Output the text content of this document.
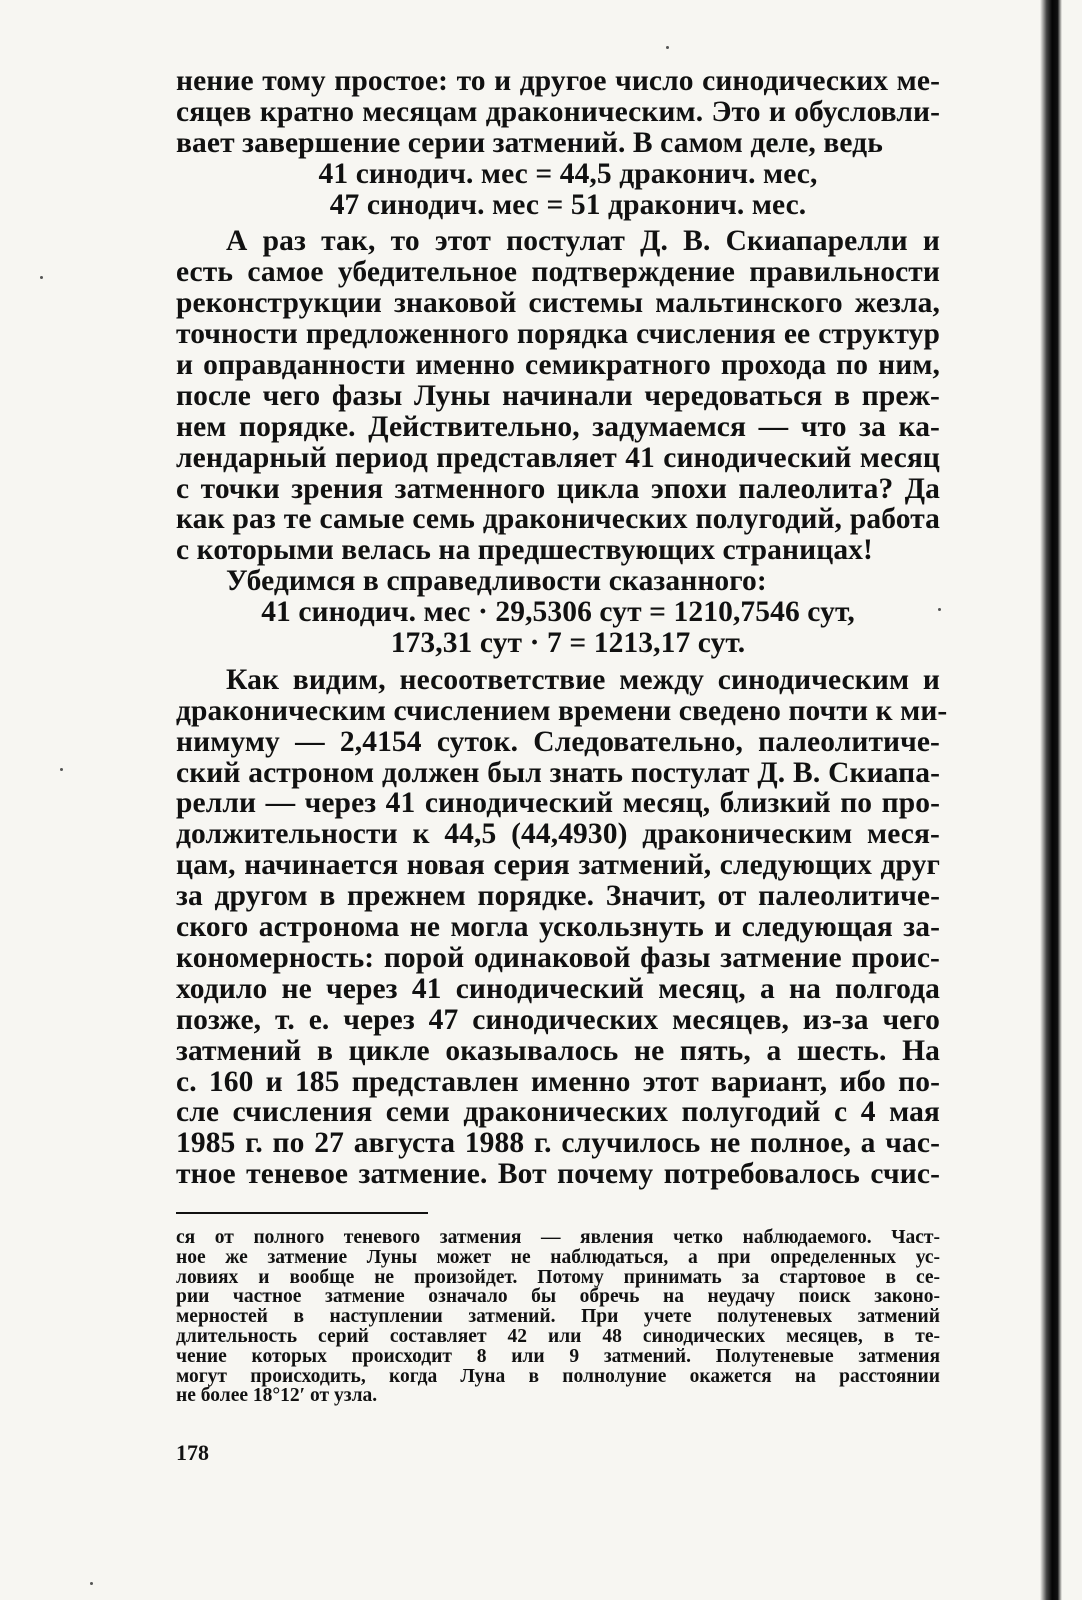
нение тому простое: то и другое число синодических ме-
сяцев кратно месяцам драконическим. Это и обусловли-
вает завершение серии затмений. В самом деле, ведь
41 синодич. мес = 44,5 драконич. мес,
47 синодич. мес = 51 драконич. мес.
А раз так, то этот постулат Д. В. Скиапарелли и
есть самое убедительное подтверждение правильности
реконструкции знаковой системы мальтинского жезла,
точности предложенного порядка счисления ее структур
и оправданности именно семикратного прохода по ним,
после чего фазы Луны начинали чередоваться в преж-
нем порядке. Действительно, задумаемся — что за ка-
лендарный период представляет 41 синодический месяц
с точки зрения затменного цикла эпохи палеолита? Да
как раз те самые семь драконических полугодий, работа
с которыми велась на предшествующих страницах!
Убедимся в справедливости сказанного:
41 синодич. мес · 29,5306 сут = 1210,7546 сут,
173,31 сут · 7 = 1213,17 сут.
Как видим, несоответствие между синодическим и
драконическим счислением времени сведено почти к ми-
нимуму — 2,4154 суток. Следовательно, палеолитиче-
ский астроном должен был знать постулат Д. В. Скиапа-
релли — через 41 синодический месяц, близкий по про-
должительности к 44,5 (44,4930) драконическим меся-
цам, начинается новая серия затмений, следующих друг
за другом в прежнем порядке. Значит, от палеолитиче-
ского астронома не могла ускользнуть и следующая за-
кономерность: порой одинаковой фазы затмение проис-
ходило не через 41 синодический месяц, а на полгода
позже, т. е. через 47 синодических месяцев, из-за чего
затмений в цикле оказывалось не пять, а шесть. На
с. 160 и 185 представлен именно этот вариант, ибо по-
сле счисления семи драконических полугодий с 4 мая
1985 г. по 27 августа 1988 г. случилось не полное, а час-
тное теневое затмение. Вот почему потребовалось счис-
ся от полного теневого затмения — явления четко наблюдаемого. Част-
ное же затмение Луны может не наблюдаться, а при определенных ус-
ловиях и вообще не произойдет. Потому принимать за стартовое в се-
рии частное затмение означало бы обречь на неудачу поиск законо-
мерностей в наступлении затмений. При учете полутеневых затмений
длительность серий составляет 42 или 48 синодических месяцев, в те-
чение которых происходит 8 или 9 затмений. Полутеневые затмения
могут происходить, когда Луна в полнолуние окажется на расстоянии
не более 18°12′ от узла.
178
